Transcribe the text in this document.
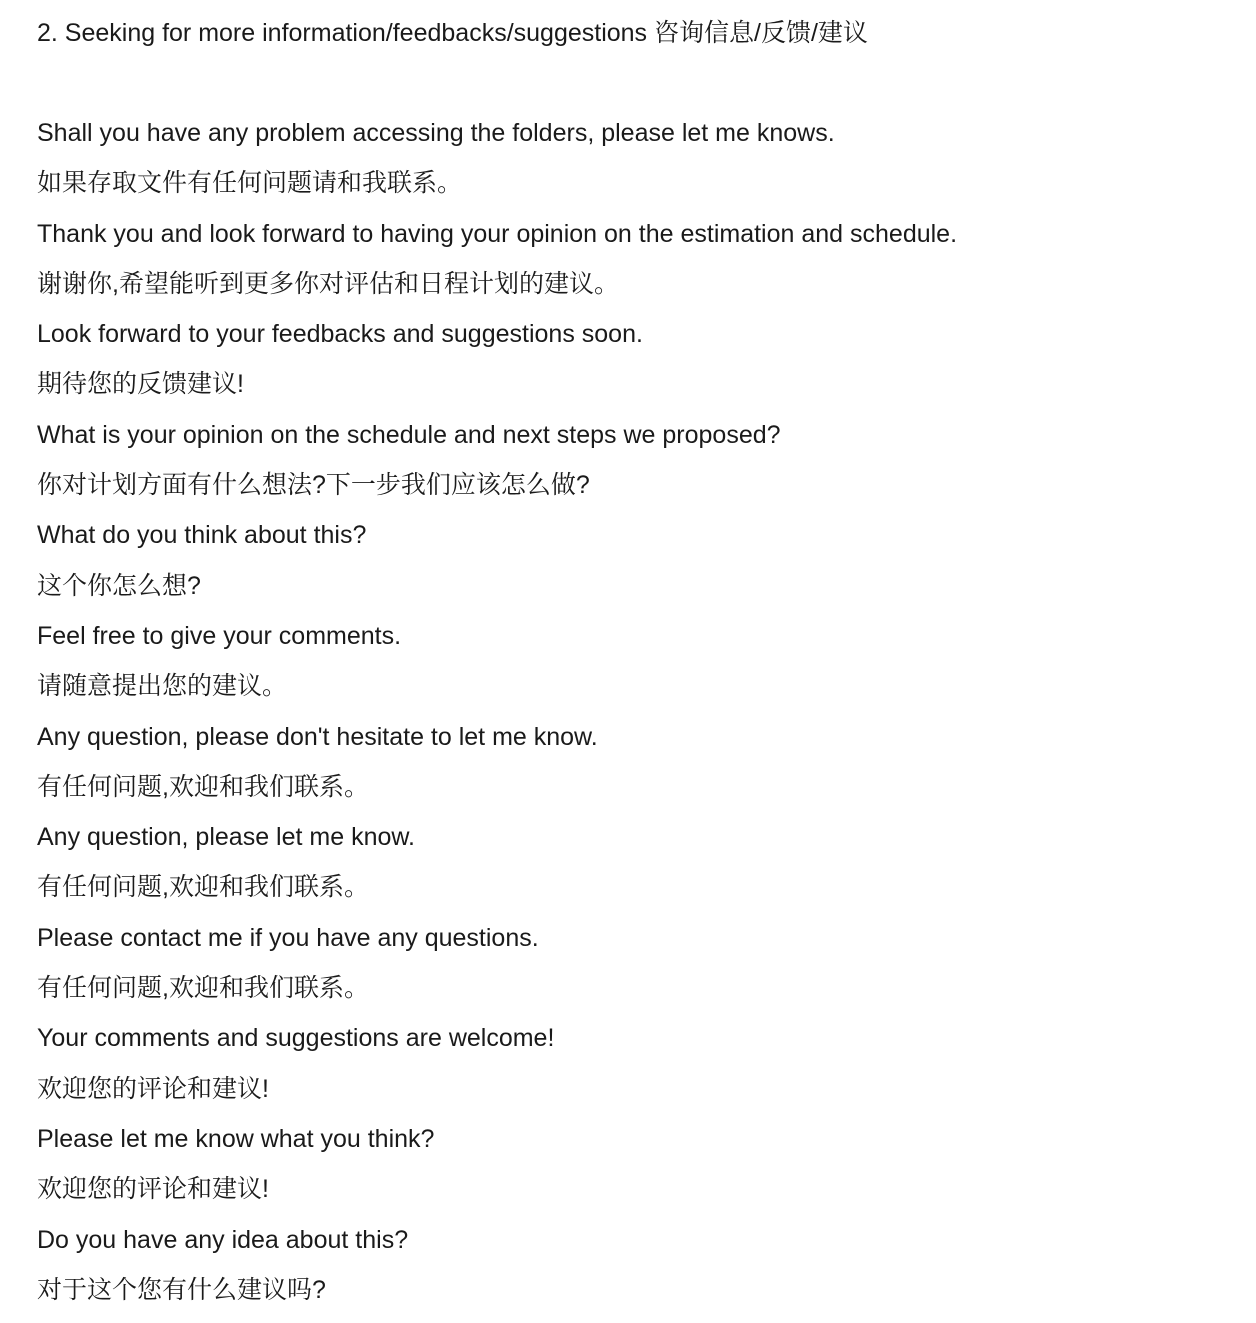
2. Seeking for more information/feedbacks/suggestions 咨询信息/反馈/建议
Shall you have any problem accessing the folders, please let me knows.
如果存取文件有任何问题请和我联系。
Thank you and look forward to having your opinion on the estimation and schedule.
谢谢你,希望能听到更多你对评估和日程计划的建议。
Look forward to your feedbacks and suggestions soon.
期待您的反馈建议!
What is your opinion on the schedule and next steps we proposed?
你对计划方面有什么想法?下一步我们应该怎么做?
What do you think about this?
这个你怎么想?
Feel free to give your comments.
请随意提出您的建议。
Any question, please don't hesitate to let me know.
有任何问题,欢迎和我们联系。
Any question, please let me know.
有任何问题,欢迎和我们联系。
Please contact me if you have any questions.
有任何问题,欢迎和我们联系。
Your comments and suggestions are welcome!
欢迎您的评论和建议!
Please let me know what you think?
欢迎您的评论和建议!
Do you have any idea about this?
对于这个您有什么建议吗?
